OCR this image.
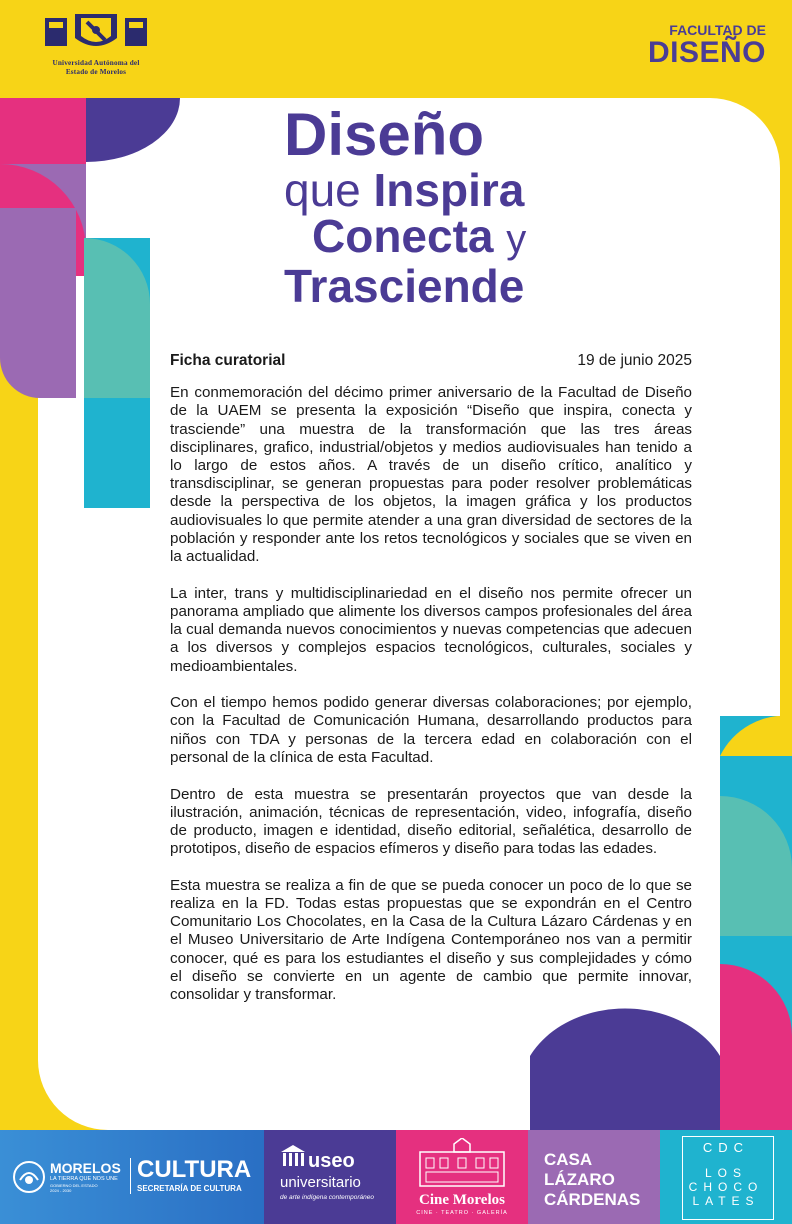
Universidad Autónoma del
Estado de Morelos
FACULTAD DE
DISEÑO
Diseño
que Inspira
Conecta y
Trasciende
Ficha curatorial	19 de junio 2025

En conmemoración del décimo primer aniversario de la Facultad de Diseño de la UAEM se presenta la exposición “Diseño que inspira, conecta y trasciende” una muestra de la transformación que las tres áreas disciplinares, grafico, industrial/objetos y medios audiovisuales han tenido a lo largo de estos años. A través de un diseño crítico, analítico y transdisciplinar, se generan propuestas para poder resolver problemáticas desde la perspectiva de los objetos, la imagen gráfica y los productos audiovisuales lo que permite atender a una gran diversidad de sectores de la población y responder ante los retos tecnológicos y sociales que se viven en la actualidad.

La inter, trans y multidisciplinariedad en el diseño nos permite ofrecer un panorama ampliado que alimente los diversos campos profesionales del área la cual demanda nuevos conocimientos y nuevas competencias que adecuen a los diversos y complejos espacios tecnológicos, culturales, sociales y medioambientales.

Con el tiempo hemos podido generar diversas colaboraciones; por ejemplo, con la Facultad de Comunicación Humana, desarrollando productos para niños con TDA y personas de la tercera edad en colaboración con el personal de la clínica de esta Facultad.

Dentro de esta muestra se presentarán proyectos que van desde la ilustración, animación, técnicas de representación, video, infografía, diseño de producto, imagen e identidad, diseño editorial, señalética, desarrollo de prototipos, diseño de espacios efímeros y diseño para todas las edades.

Esta muestra se realiza a fin de que se pueda conocer un poco de lo que se realiza en la FD. Todas estas propuestas que se expondrán en el Centro Comunitario Los Chocolates, en la Casa de la Cultura Lázaro Cárdenas y en el Museo Universitario de Arte Indígena Contemporáneo nos van a permitir conocer, qué es para los estudiantes el diseño y sus complejidades y cómo el diseño se convierte en un agente de cambio que permite innovar, consolidar y transformar.

MORELOS
LA TIERRA QUE NOS UNE
GOBIERNO DEL ESTADO
2024 - 2030
CULTURA
SECRETARÍA DE CULTURA
useo
universitario
de arte indígena contemporáneo	Cine Morelos
CINE · TEATRO · GALERÍA
CASA
LÁZARO
CÁRDENAS
CDC
LOS
CHOCO
LATES
